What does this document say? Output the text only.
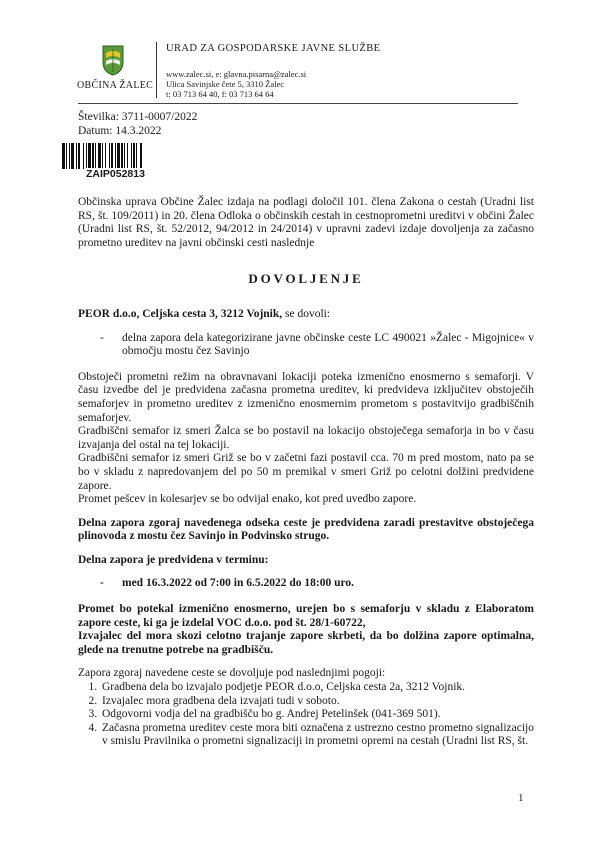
OBČINA ŽALEC
URAD ZA GOSPODARSKE JAVNE SLUŽBE
www.zalec.si, e: glavna.pisarna@zalec.si
Ulica Savinjske čete 5, 3310 Žalec
t: 03 713 64 40, f: 03 713 64 64
Številka: 3711-0007/2022
Datum: 14.3.2022
ZAIP052813

Občinska uprava Občine Žalec izdaja na podlagi določil 101. člena Zakona o cestah (Uradni list RS, št. 109/2011) in 20. člena Odloka o občinskih cestah in cestnoprometni ureditvi v občini Žalec (Uradni list RS, št. 52/2012, 94/2012 in 24/2014) v upravni zadevi izdaje dovoljenja za začasno prometno ureditev na javni občinski cesti naslednje

DOVOLJENJE

PEOR d.o.o, Celjska cesta 3, 3212 Vojnik, se dovoli:

-	delna zapora dela kategorizirane javne občinske ceste LC 490021 »Žalec - Migojnice« v območju mostu čez Savinjo

Obstoječi prometni režim na obravnavani lokaciji poteka izmenično enosmerno s semaforji. V času izvedbe del je predvidena začasna prometna ureditev, ki predvideva izključitev obstoječih semaforjev in prometno ureditev z izmenično enosmernim prometom s postavitvijo gradbiščnih semaforjev.

Gradbiščni semafor iz smeri Žalca se bo postavil na lokacijo obstoječega semaforja in bo v času izvajanja del ostal na tej lokaciji.

Gradbiščni semafor iz smeri Griž se bo v začetni fazi postavil cca. 70 m pred mostom, nato pa se bo v skladu z napredovanjem del po 50 m premikal v smeri Griž po celotni dolžini predvidene zapore.

Promet pešcev in kolesarjev se bo odvijal enako, kot pred uvedbo zapore.

Delna zapora zgoraj navedenega odseka ceste je predvidena zaradi prestavitve obstoječega plinovoda z mostu čez Savinjo in Podvinsko strugo.

Delna zapora je predvidena v terminu:

-	med 16.3.2022 od 7:00 in 6.5.2022 do 18:00 uro.

Promet bo potekal izmenično enosmerno, urejen bo s semaforju v skladu z Elaboratom zapore ceste, ki ga je izdelal VOC d.o.o. pod št. 28/1-60722,

Izvajalec del mora skozi celotno trajanje zapore skrbeti, da bo dolžina zapore optimalna, glede na trenutne potrebe na gradbišču.

Zapora zgoraj navedene ceste se dovoljuje pod naslednjimi pogoji:

1. Gradbena dela bo izvajalo podjetje PEOR d.o.o, Celjska cesta 2a, 3212 Vojnik.
2. Izvajalec mora gradbena dela izvajati tudi v soboto.
3. Odgovorni vodja del na gradbišču bo g. Andrej Petelinšek (041-369 501).
4. Začasna prometna ureditev ceste mora biti označena z ustrezno cestno prometno signalizacijo v smislu Pravilnika o prometni signalizaciji in prometni opremi na cestah (Uradni list RS, št.
1
